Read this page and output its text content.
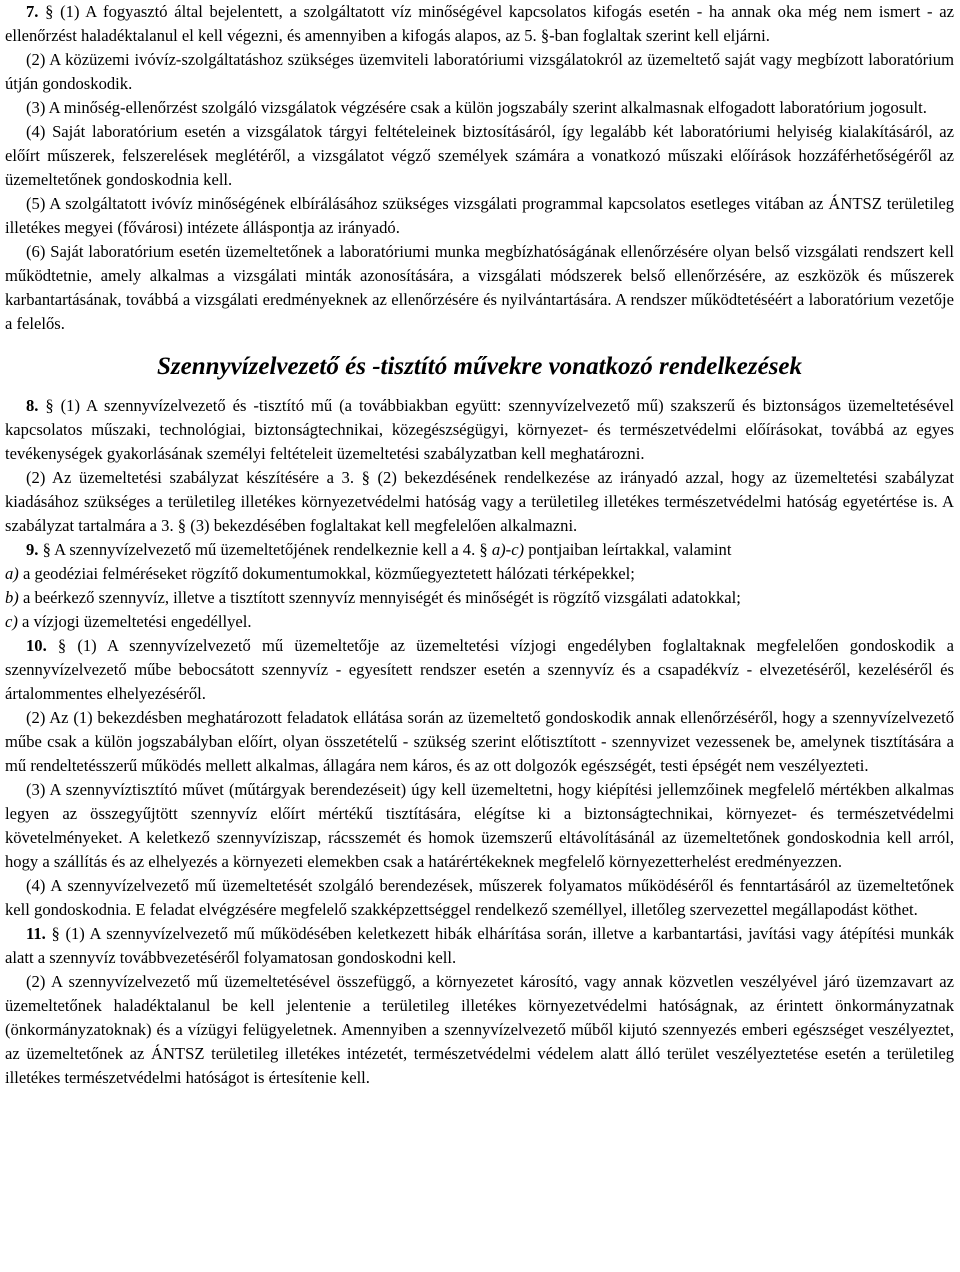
7. § (1) A fogyasztó által bejelentett, a szolgáltatott víz minőségével kapcsolatos kifogás esetén - ha annak oka még nem ismert - az ellenőrzést haladéktalanul el kell végezni, és amennyiben a kifogás alapos, az 5. §-ban foglaltak szerint kell eljárni.

(2) A közüzemi ivóvíz-szolgáltatáshoz szükséges üzemviteli laboratóriumi vizsgálatokról az üzemeltető saját vagy megbízott laboratórium útján gondoskodik.

(3) A minőség-ellenőrzést szolgáló vizsgálatok végzésére csak a külön jogszabály szerint alkalmasnak elfogadott laboratórium jogosult.

(4) Saját laboratórium esetén a vizsgálatok tárgyi feltételeinek biztosításáról, így legalább két laboratóriumi helyiség kialakításáról, az előírt műszerek, felszerelések meglétéről, a vizsgálatot végző személyek számára a vonatkozó műszaki előírások hozzáférhetőségéről az üzemeltetőnek gondoskodnia kell.

(5) A szolgáltatott ivóvíz minőségének elbírálásához szükséges vizsgálati programmal kapcsolatos esetleges vitában az ÁNTSZ területileg illetékes megyei (fővárosi) intézete álláspontja az irányadó.

(6) Saját laboratórium esetén üzemeltetőnek a laboratóriumi munka megbízhatóságának ellenőrzésére olyan belső vizsgálati rendszert kell működtetnie, amely alkalmas a vizsgálati minták azonosítására, a vizsgálati módszerek belső ellenőrzésére, az eszközök és műszerek karbantartásának, továbbá a vizsgálati eredményeknek az ellenőrzésére és nyilvántartására. A rendszer működtetéséért a laboratórium vezetője a felelős.

Szennyvízelvezető és -tisztító művekre vonatkozó rendelkezések

8. § (1) A szennyvízelvezető és -tisztító mű (a továbbiakban együtt: szennyvízelvezető mű) szakszerű és biztonságos üzemeltetésével kapcsolatos műszaki, technológiai, biztonságtechnikai, közegészségügyi, környezet- és természetvédelmi előírásokat, továbbá az egyes tevékenységek gyakorlásának személyi feltételeit üzemeltetési szabályzatban kell meghatározni.

(2) Az üzemeltetési szabályzat készítésére a 3. § (2) bekezdésének rendelkezése az irányadó azzal, hogy az üzemeltetési szabályzat kiadásához szükséges a területileg illetékes környezetvédelmi hatóság vagy a területileg illetékes természetvédelmi hatóság egyetértése is. A szabályzat tartalmára a 3. § (3) bekezdésében foglaltakat kell megfelelően alkalmazni.

9. § A szennyvízelvezető mű üzemeltetőjének rendelkeznie kell a 4. § a)-c) pontjaiban leírtakkal, valamint

a) a geodéziai felméréseket rögzítő dokumentumokkal, közműegyeztetett hálózati térképekkel;

b) a beérkező szennyvíz, illetve a tisztított szennyvíz mennyiségét és minőségét is rögzítő vizsgálati adatokkal;

c) a vízjogi üzemeltetési engedéllyel.

10. § (1) A szennyvízelvezető mű üzemeltetője az üzemeltetési vízjogi engedélyben foglaltaknak megfelelően gondoskodik a szennyvízelvezető műbe bebocsátott szennyvíz - egyesített rendszer esetén a szennyvíz és a csapadékvíz - elvezetéséről, kezeléséről és ártalommentes elhelyezéséről.

(2) Az (1) bekezdésben meghatározott feladatok ellátása során az üzemeltető gondoskodik annak ellenőrzéséről, hogy a szennyvízelvezető műbe csak a külön jogszabályban előírt, olyan összetételű - szükség szerint előtisztított - szennyvizet vezessenek be, amelynek tisztítására a mű rendeltetésszerű működés mellett alkalmas, állagára nem káros, és az ott dolgozók egészségét, testi épségét nem veszélyezteti.

(3) A szennyvíztisztító művet (műtárgyak berendezéseit) úgy kell üzemeltetni, hogy kiépítési jellemzőinek megfelelő mértékben alkalmas legyen az összegyűjtött szennyvíz előírt mértékű tisztítására, elégítse ki a biztonságtechnikai, környezet- és természetvédelmi követelményeket. A keletkező szennyvíziszap, rácsszemét és homok üzemszerű eltávolításánál az üzemeltetőnek gondoskodnia kell arról, hogy a szállítás és az elhelyezés a környezeti elemekben csak a határértékeknek megfelelő környezetterhelést eredményezzen.

(4) A szennyvízelvezető mű üzemeltetését szolgáló berendezések, műszerek folyamatos működéséről és fenntartásáról az üzemeltetőnek kell gondoskodnia. E feladat elvégzésére megfelelő szakképzettséggel rendelkező személlyel, illetőleg szervezettel megállapodást köthet.

11. § (1) A szennyvízelvezető mű működésében keletkezett hibák elhárítása során, illetve a karbantartási, javítási vagy átépítési munkák alatt a szennyvíz továbbvezetéséről folyamatosan gondoskodni kell.

(2) A szennyvízelvezető mű üzemeltetésével összefüggő, a környezetet károsító, vagy annak közvetlen veszélyével járó üzemzavart az üzemeltetőnek haladéktalanul be kell jelentenie a területileg illetékes környezetvédelmi hatóságnak, az érintett önkormányzatnak (önkormányzatoknak) és a vízügyi felügyeletnek. Amennyiben a szennyvízelvezető műből kijutó szennyezés emberi egészséget veszélyeztet, az üzemeltetőnek az ÁNTSZ területileg illetékes intézetét, természetvédelmi védelem alatt álló terület veszélyeztetése esetén a területileg illetékes természetvédelmi hatóságot is értesítenie kell.
